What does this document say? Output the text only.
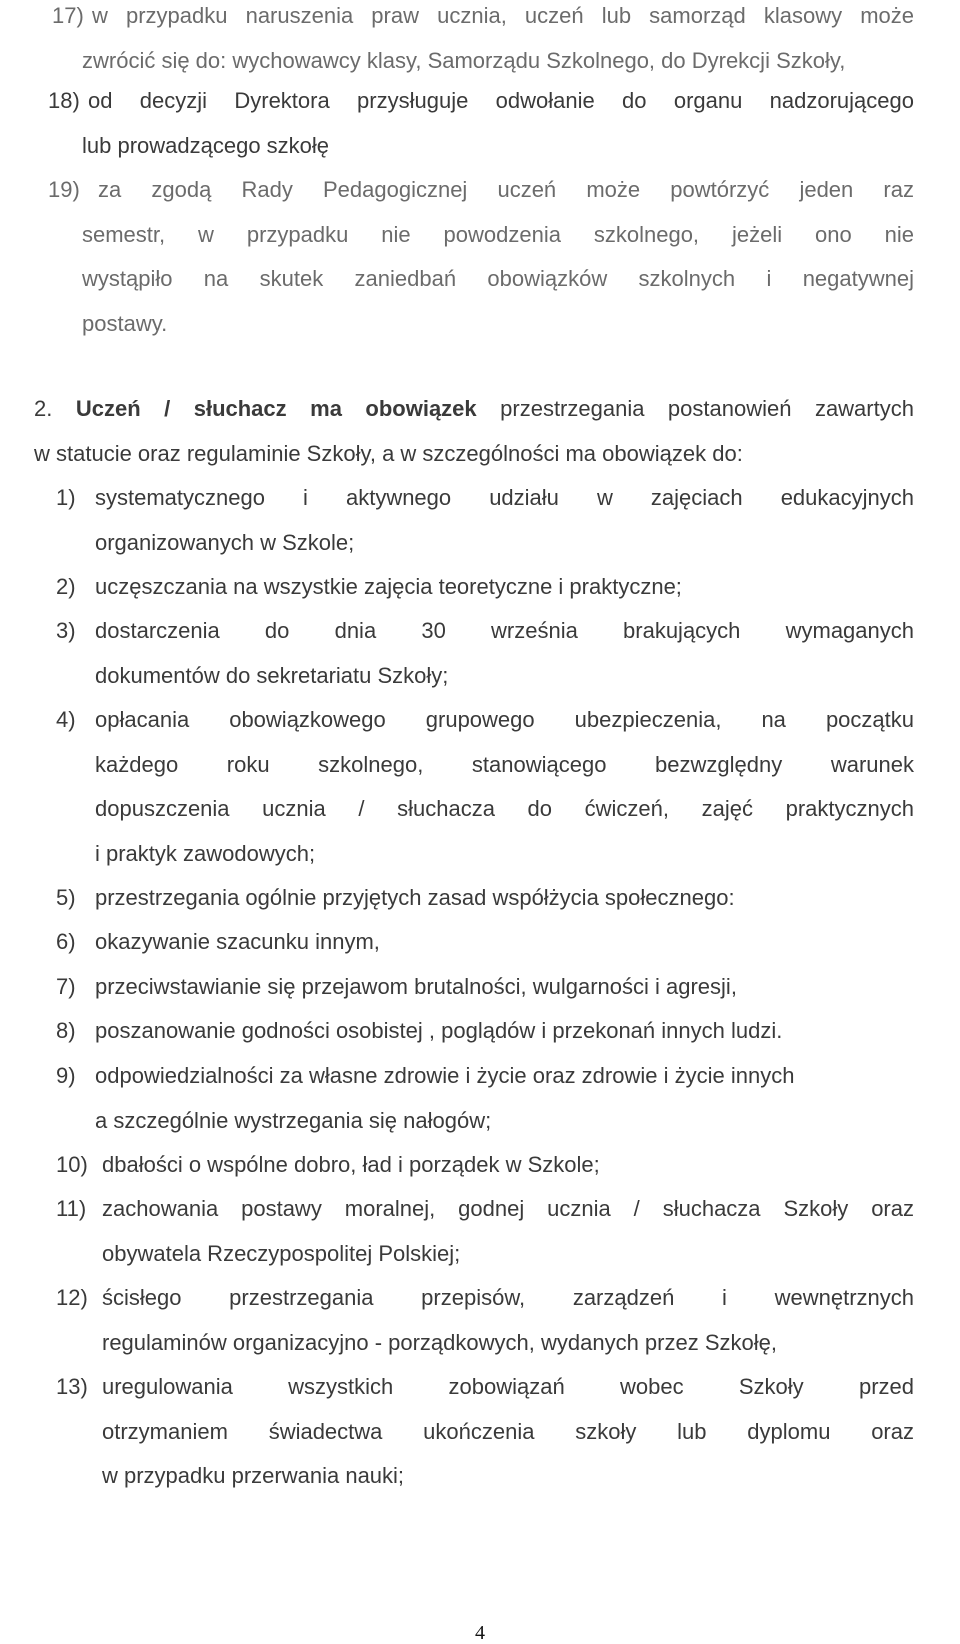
17) w przypadku naruszenia praw ucznia, uczeń lub samorząd klasowy może
zwrócić się do: wychowawcy klasy, Samorządu Szkolnego, do Dyrekcji Szkoły,
18) od decyzji Dyrektora przysługuje odwołanie do organu nadzorującego
lub prowadzącego szkołę
19) za zgodą Rady Pedagogicznej uczeń może powtórzyć jeden raz
semestr, w przypadku nie powodzenia szkolnego, jeżeli ono nie
wystąpiło na skutek zaniedbań obowiązków szkolnych i negatywnej
postawy.
2. Uczeń / słuchacz ma obowiązek przestrzegania postanowień zawartych
w statucie oraz regulaminie Szkoły, a w szczególności ma obowiązek do:
1) systematycznego i aktywnego udziału w zajęciach edukacyjnych
organizowanych w Szkole;
2) uczęszczania na wszystkie zajęcia teoretyczne i praktyczne;
3) dostarczenia do dnia 30 września brakujących wymaganych
dokumentów do sekretariatu Szkoły;
4) opłacania obowiązkowego grupowego ubezpieczenia, na początku
każdego roku szkolnego, stanowiącego bezwzględny warunek
dopuszczenia ucznia / słuchacza do ćwiczeń, zajęć praktycznych
i praktyk zawodowych;
5) przestrzegania ogólnie przyjętych zasad współżycia społecznego:
6) okazywanie szacunku innym,
7) przeciwstawianie się przejawom brutalności, wulgarności i agresji,
8) poszanowanie godności osobistej , poglądów i przekonań innych ludzi.
9) odpowiedzialności za własne zdrowie i życie oraz zdrowie i życie innych
a szczególnie wystrzegania się nałogów;
10) dbałości o wspólne dobro, ład i porządek w Szkole;
11) zachowania postawy moralnej, godnej ucznia / słuchacza Szkoły oraz
obywatela Rzeczypospolitej Polskiej;
12) ścisłego przestrzegania przepisów, zarządzeń i wewnętrznych
regulaminów organizacyjno - porządkowych, wydanych przez Szkołę,
13) uregulowania wszystkich zobowiązań wobec Szkoły przed
otrzymaniem świadectwa ukończenia szkoły lub dyplomu oraz
w przypadku przerwania nauki;
4
